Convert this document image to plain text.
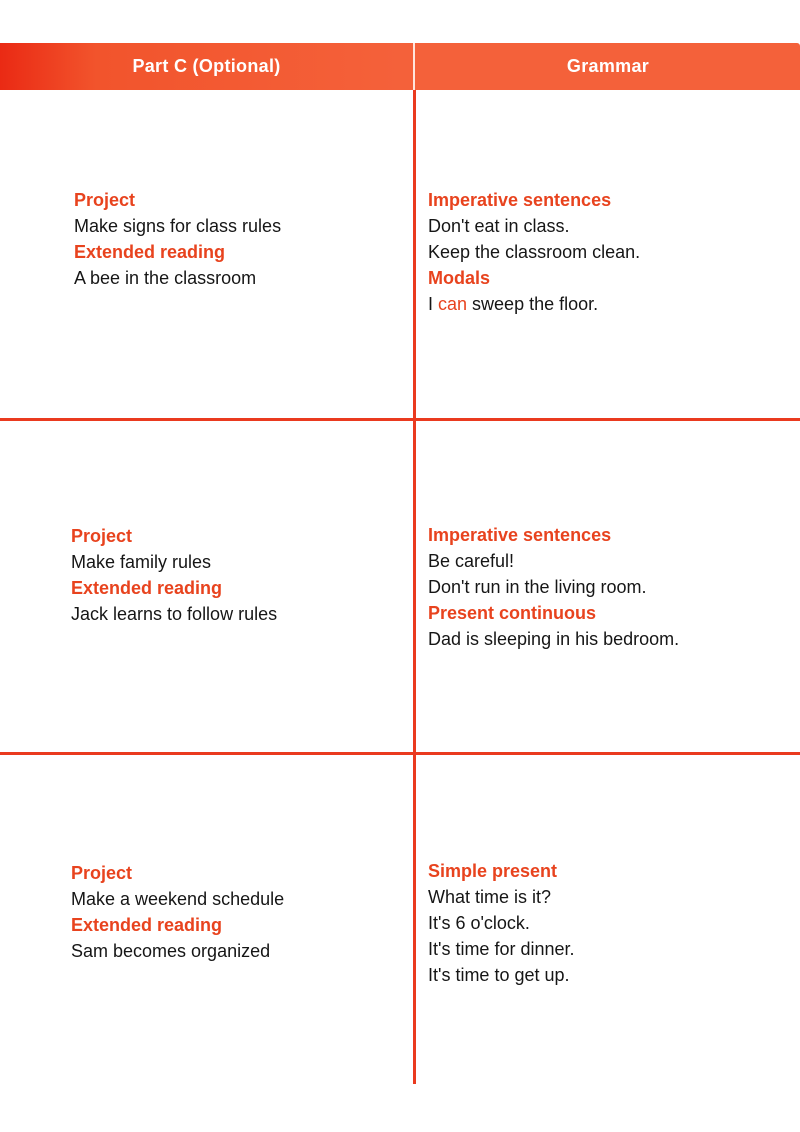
Part C (Optional)	Grammar
Project
Make signs for class rules
Extended reading
A bee in the classroom
Imperative sentences
Don't eat in class.
Keep the classroom clean.
Modals
I can sweep the floor.
Project
Make family rules
Extended reading
Jack learns to follow rules
Imperative sentences
Be careful!
Don't run in the living room.
Present continuous
Dad is sleeping in his bedroom.
Project
Make a weekend schedule
Extended reading
Sam becomes organized
Simple present
What time is it?
It's 6 o'clock.
It's time for dinner.
It's time to get up.
